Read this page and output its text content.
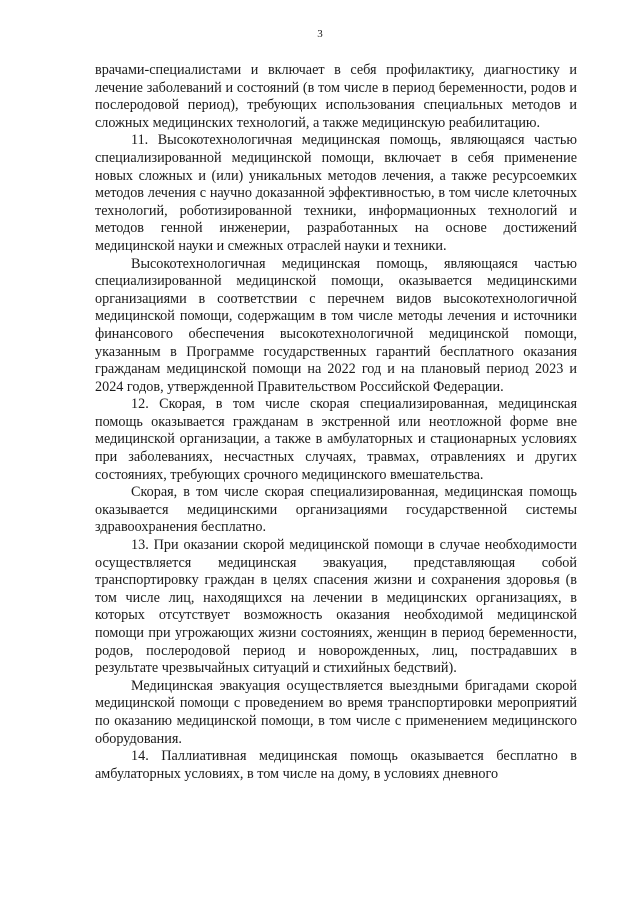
3

врачами-специалистами и включает в себя профилактику, диагностику и лечение заболеваний и состояний (в том числе в период беременности, родов и послеродовой период), требующих использования специальных методов и сложных медицинских технологий, а также медицинскую реабилитацию.

11. Высокотехнологичная медицинская помощь, являющаяся частью специализированной медицинской помощи, включает в себя применение новых сложных и (или) уникальных методов лечения, а также ресурсоемких методов лечения с научно доказанной эффективностью, в том числе клеточных технологий, роботизированной техники, информационных технологий и методов генной инженерии, разработанных на основе достижений медицинской науки и смежных отраслей науки и техники.

Высокотехнологичная медицинская помощь, являющаяся частью специализированной медицинской помощи, оказывается медицинскими организациями в соответствии с перечнем видов высокотехнологичной медицинской помощи, содержащим в том числе методы лечения и источники финансового обеспечения высокотехнологичной медицинской помощи, указанным в Программе государственных гарантий бесплатного оказания гражданам медицинской помощи на 2022 год и на плановый период 2023 и 2024 годов, утвержденной Правительством Российской Федерации.

12. Скорая, в том числе скорая специализированная, медицинская помощь оказывается гражданам в экстренной или неотложной форме вне медицинской организации, а также в амбулаторных и стационарных условиях при заболеваниях, несчастных случаях, травмах, отравлениях и других состояниях, требующих срочного медицинского вмешательства.

Скорая, в том числе скорая специализированная, медицинская помощь оказывается медицинскими организациями государственной системы здравоохранения бесплатно.

13. При оказании скорой медицинской помощи в случае необходимости осуществляется медицинская эвакуация, представляющая собой транспортировку граждан в целях спасения жизни и сохранения здоровья (в том числе лиц, находящихся на лечении в медицинских организациях, в которых отсутствует возможность оказания необходимой медицинской помощи при угрожающих жизни состояниях, женщин в период беременности, родов, послеродовой период и новорожденных, лиц, пострадавших в результате чрезвычайных ситуаций и стихийных бедствий).

Медицинская эвакуация осуществляется выездными бригадами скорой медицинской помощи с проведением во время транспортировки мероприятий по оказанию медицинской помощи, в том числе с применением медицинского оборудования.

14. Паллиативная медицинская помощь оказывается бесплатно в амбулаторных условиях, в том числе на дому, в условиях дневного
